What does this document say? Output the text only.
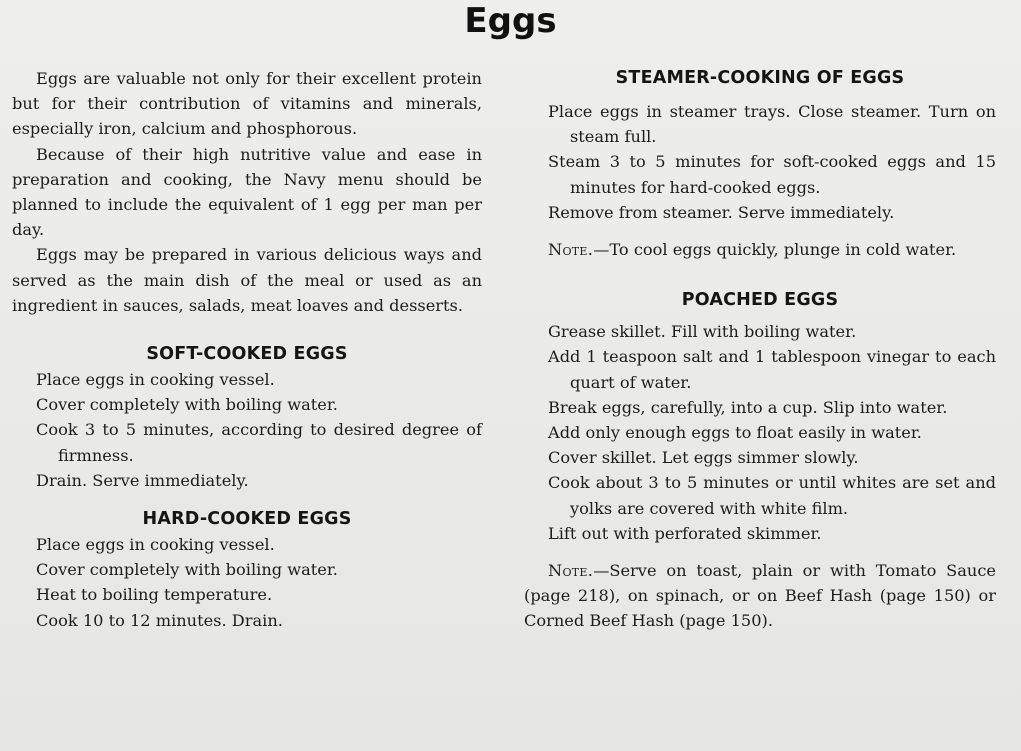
Eggs

Eggs are valuable not only for their excellent protein but for their contribution of vitamins and minerals, especially iron, calcium and phosphorous.

Because of their high nutritive value and ease in preparation and cooking, the Navy menu should be planned to include the equivalent of 1 egg per man per day.

Eggs may be prepared in various delicious ways and served as the main dish of the meal or used as an ingredient in sauces, salads, meat loaves and desserts.

SOFT-COOKED EGGS
Place eggs in cooking vessel.
Cover completely with boiling water.
Cook 3 to 5 minutes, according to desired degree of firmness.
Drain. Serve immediately.
HARD-COOKED EGGS
Place eggs in cooking vessel.
Cover completely with boiling water.
Heat to boiling temperature.
Cook 10 to 12 minutes. Drain.
STEAMER-COOKING OF EGGS
Place eggs in steamer trays. Close steamer. Turn on steam full.
Steam 3 to 5 minutes for soft-cooked eggs and 15 minutes for hard-cooked eggs.
Remove from steamer. Serve immediately.

Note.—To cool eggs quickly, plunge in cold water.

POACHED EGGS
Grease skillet. Fill with boiling water.
Add 1 teaspoon salt and 1 tablespoon vinegar to each quart of water.
Break eggs, carefully, into a cup. Slip into water.
Add only enough eggs to float easily in water.
Cover skillet. Let eggs simmer slowly.
Cook about 3 to 5 minutes or until whites are set and yolks are covered with white film.
Lift out with perforated skimmer.

Note.—Serve on toast, plain or with Tomato Sauce (page 218), on spinach, or on Beef Hash (page 150) or Corned Beef Hash (page 150).
